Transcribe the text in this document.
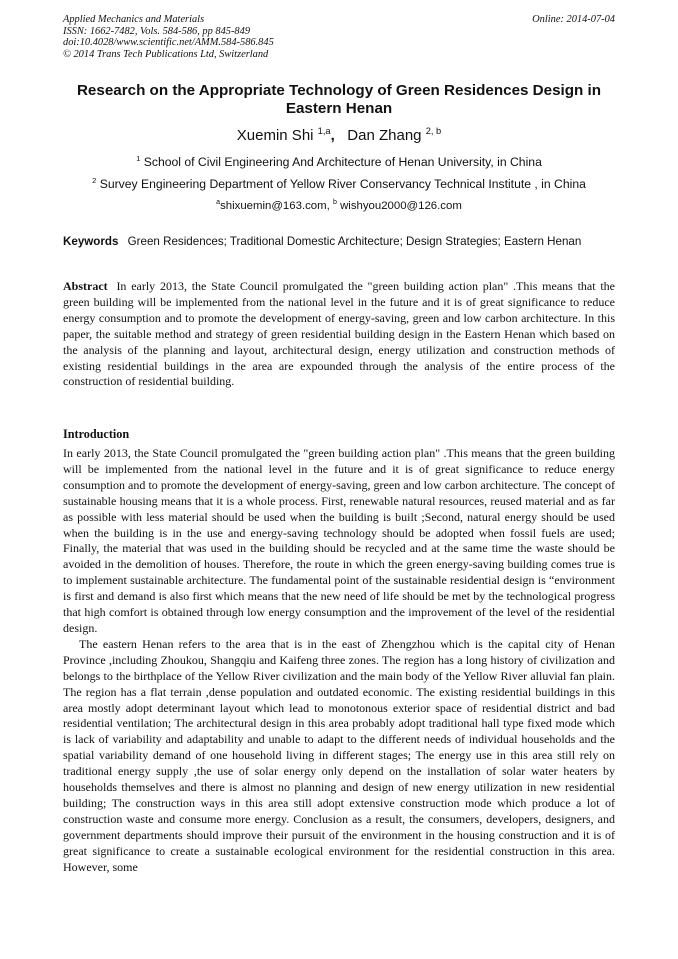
Applied Mechanics and Materials
ISSN: 1662-7482, Vols. 584-586, pp 845-849
doi:10.4028/www.scientific.net/AMM.584-586.845
© 2014 Trans Tech Publications Ltd, Switzerland
Online: 2014-07-04
Research on the Appropriate Technology of Green Residences Design in Eastern Henan
Xuemin Shi $^{1,a}$, Dan Zhang $^{2, b}$
$^1$ School of Civil Engineering And Architecture of Henan University, in China
$^2$ Survey Engineering Department of Yellow River Conservancy Technical Institute , in China
$^a$shixuemin@163.com, $^b$ wishyou2000@126.com
Keywords Green Residences; Traditional Domestic Architecture; Design Strategies; Eastern Henan
Abstract In early 2013, the State Council promulgated the "green building action plan" .This means that the green building will be implemented from the national level in the future and it is of great significance to reduce energy consumption and to promote the development of energy-saving, green and low carbon architecture. In this paper, the suitable method and strategy of green residential building design in the Eastern Henan which based on the analysis of the planning and layout, architectural design, energy utilization and construction methods of existing residential buildings in the area are expounded through the analysis of the entire process of the construction of residential building.
Introduction

In early 2013, the State Council promulgated the "green building action plan" .This means that the green building will be implemented from the national level in the future and it is of great significance to reduce energy consumption and to promote the development of energy-saving, green and low carbon architecture. The concept of sustainable housing means that it is a whole process. First, renewable natural resources, reused material and as far as possible with less material should be used when the building is built ;Second, natural energy should be used when the building is in the use and energy-saving technology should be adopted when fossil fuels are used; Finally, the material that was used in the building should be recycled and at the same time the waste should be avoided in the demolition of houses. Therefore, the route in which the green energy-saving building comes true is to implement sustainable architecture. The fundamental point of the sustainable residential design is “environment is first and demand is also first which means that the new need of life should be met by the technological progress that high comfort is obtained through low energy consumption and the improvement of the level of the residential design.

The eastern Henan refers to the area that is in the east of Zhengzhou which is the capital city of Henan Province ,including Zhoukou, Shangqiu and Kaifeng three zones. The region has a long history of civilization and belongs to the birthplace of the Yellow River civilization and the main body of the Yellow River alluvial fan plain. The region has a flat terrain ,dense population and outdated economic. The existing residential buildings in this area mostly adopt determinant layout which lead to monotonous exterior space of residential district and bad residential ventilation; The architectural design in this area probably adopt traditional hall type fixed mode which is lack of variability and adaptability and unable to adapt to the different needs of individual households and the spatial variability demand of one household living in different stages; The energy use in this area still rely on traditional energy supply ,the use of solar energy only depend on the installation of solar water heaters by households themselves and there is almost no planning and design of new energy utilization in new residential building; The construction ways in this area still adopt extensive construction mode which produce a lot of construction waste and consume more energy. Conclusion as a result, the consumers, developers, designers, and government departments should improve their pursuit of the environment in the housing construction and it is of great significance to create a sustainable ecological environment for the residential construction in this area. However, some
